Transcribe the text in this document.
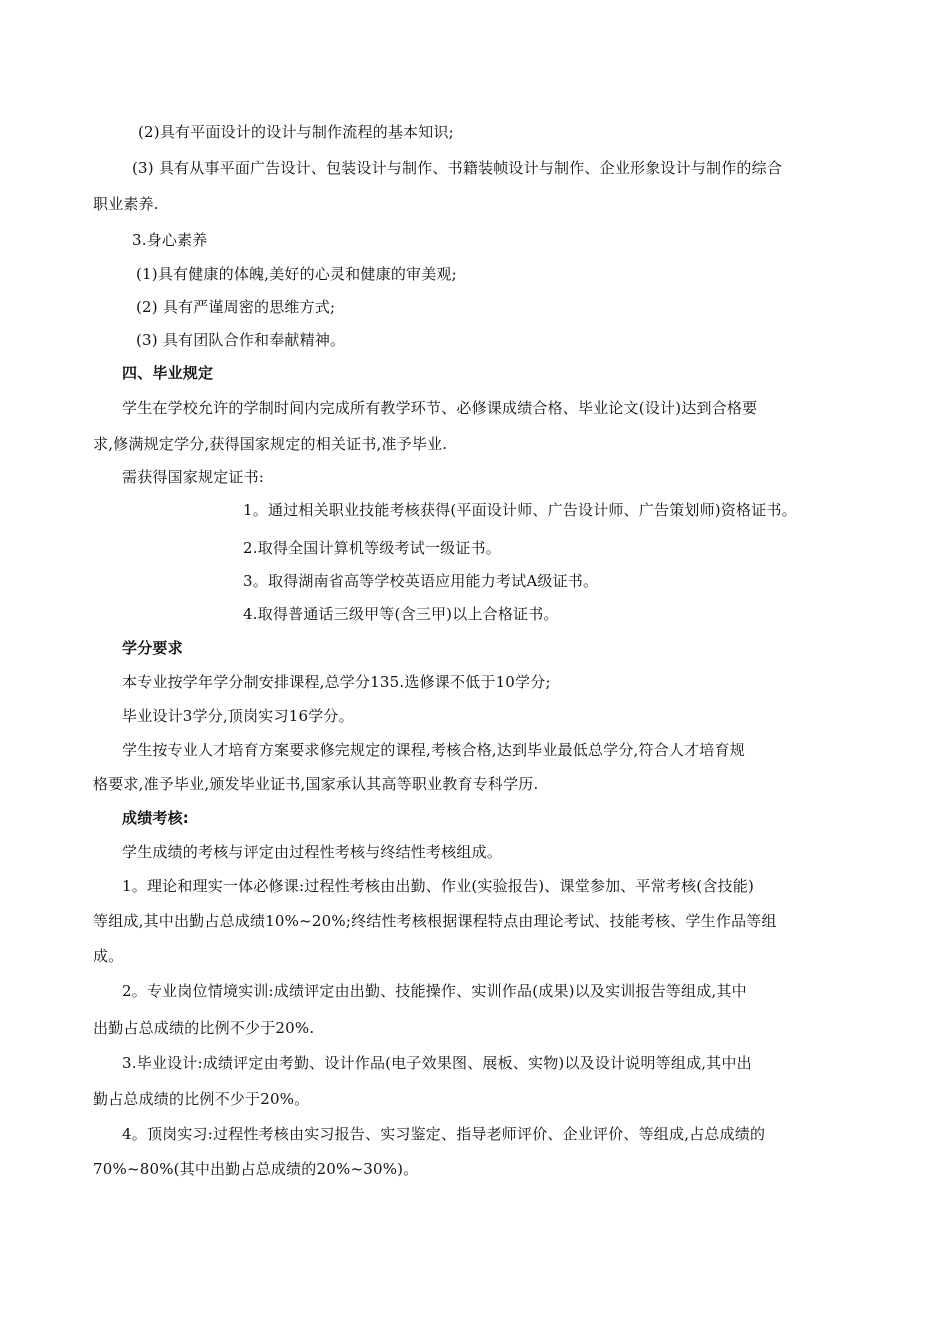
(2)具有平面设计的设计与制作流程的基本知识;
(3) 具有从事平面广告设计、包装设计与制作、书籍装帧设计与制作、企业形象设计与制作的综合
职业素养.
3.身心素养
(1)具有健康的体魄,美好的心灵和健康的审美观;
(2) 具有严谨周密的思维方式;
(3) 具有团队合作和奉献精神。
四、毕业规定
学生在学校允许的学制时间内完成所有教学环节、必修课成绩合格、毕业论文(设计)达到合格要
求,修满规定学分,获得国家规定的相关证书,准予毕业.
需获得国家规定证书:
1。通过相关职业技能考核获得(平面设计师、广告设计师、广告策划师)资格证书。
2.取得全国计算机等级考试一级证书。
3。取得湖南省高等学校英语应用能力考试A级证书。
4.取得普通话三级甲等(含三甲)以上合格证书。
学分要求
本专业按学年学分制安排课程,总学分135.选修课不低于10学分;
毕业设计3学分,顶岗实习16学分。
学生按专业人才培育方案要求修完规定的课程,考核合格,达到毕业最低总学分,符合人才培育规
格要求,准予毕业,颁发毕业证书,国家承认其高等职业教育专科学历.
成绩考核:
学生成绩的考核与评定由过程性考核与终结性考核组成。
1。理论和理实一体必修课:过程性考核由出勤、作业(实验报告)、课堂参加、平常考核(含技能)
等组成,其中出勤占总成绩10%~20%;终结性考核根据课程特点由理论考试、技能考核、学生作品等组
成。
2。专业岗位情境实训:成绩评定由出勤、技能操作、实训作品(成果)以及实训报告等组成,其中
出勤占总成绩的比例不少于20%.
3.毕业设计:成绩评定由考勤、设计作品(电子效果图、展板、实物)以及设计说明等组成,其中出
勤占总成绩的比例不少于20%。
4。顶岗实习:过程性考核由实习报告、实习鉴定、指导老师评价、企业评价、等组成,占总成绩的
70%~80%(其中出勤占总成绩的20%~30%)。
